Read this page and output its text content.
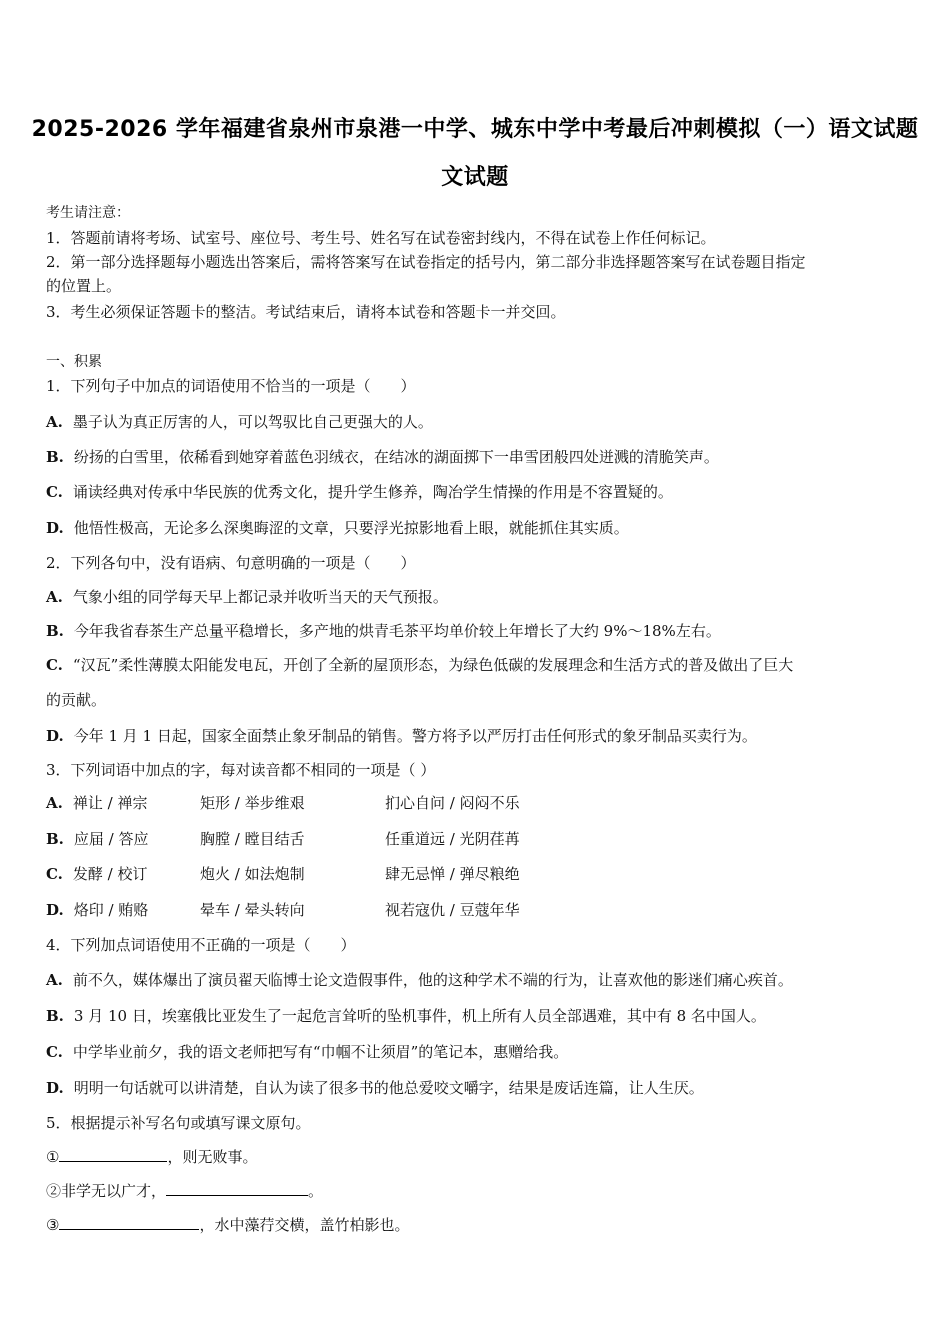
2025-2026 学年福建省泉州市泉港一中学、城东中学中考最后冲刺模拟（一）语文试题
文试题
考生请注意：
1．答题前请将考场、试室号、座位号、考生号、姓名写在试卷密封线内，不得在试卷上作任何标记。
2．第一部分选择题每小题选出答案后，需将答案写在试卷指定的括号内，第二部分非选择题答案写在试卷题目指定
的位置上。
3．考生必须保证答题卡的整洁。考试结束后，请将本试卷和答题卡一并交回。
一、积累
1．下列句子中加点的词语使用不恰当的一项是（　　）
A. 墨子认为真正厉害的人，可以驾驭比自己更强大的人。
B. 纷扬的白雪里，依稀看到她穿着蓝色羽绒衣，在结冰的湖面掷下一串雪团般四处迸溅的清脆笑声。
C. 诵读经典对传承中华民族的优秀文化，提升学生修养，陶冶学生情操的作用是不容置疑的。
D. 他悟性极高，无论多么深奥晦涩的文章，只要浮光掠影地看上眼，就能抓住其实质。
2．下列各句中，没有语病、句意明确的一项是（　　）
A. 气象小组的同学每天早上都记录并收听当天的天气预报。
B. 今年我省春茶生产总量平稳增长，多产地的烘青毛茶平均单价较上年增长了大约 9%～18%左右。
C. “汉瓦”柔性薄膜太阳能发电瓦，开创了全新的屋顶形态，为绿色低碳的发展理念和生活方式的普及做出了巨大
的贡献。
D. 今年 1 月 1 日起，国家全面禁止象牙制品的销售。警方将予以严厉打击任何形式的象牙制品买卖行为。
3．下列词语中加点的字，每对读音都不相同的一项是（ ）
A. 禅让 / 禅宗	矩形 / 举步维艰	扪心自问 / 闷闷不乐
B. 应届 / 答应	胸膛 / 瞠目结舌	任重道远 / 光阴荏苒
C. 发酵 / 校订	炮火 / 如法炮制	肆无忌惮 / 弹尽粮绝
D. 烙印 / 贿赂	晕车 / 晕头转向	视若寇仇 / 豆蔻年华
4．下列加点词语使用不正确的一项是（　　）
A. 前不久，媒体爆出了演员翟天临博士论文造假事件，他的这种学术不端的行为，让喜欢他的影迷们痛心疾首。
B. 3 月 10 日，埃塞俄比亚发生了一起危言耸听的坠机事件，机上所有人员全部遇难，其中有 8 名中国人。
C. 中学毕业前夕，我的语文老师把写有“巾帼不让须眉”的笔记本，惠赠给我。
D. 明明一句话就可以讲清楚，自认为读了很多书的他总爱咬文嚼字，结果是废话连篇，让人生厌。
5．根据提示补写名句或填写课文原句。
①	，则无败事。
②非学无以广才，	。
③	，水中藻荇交横，盖竹柏影也。
